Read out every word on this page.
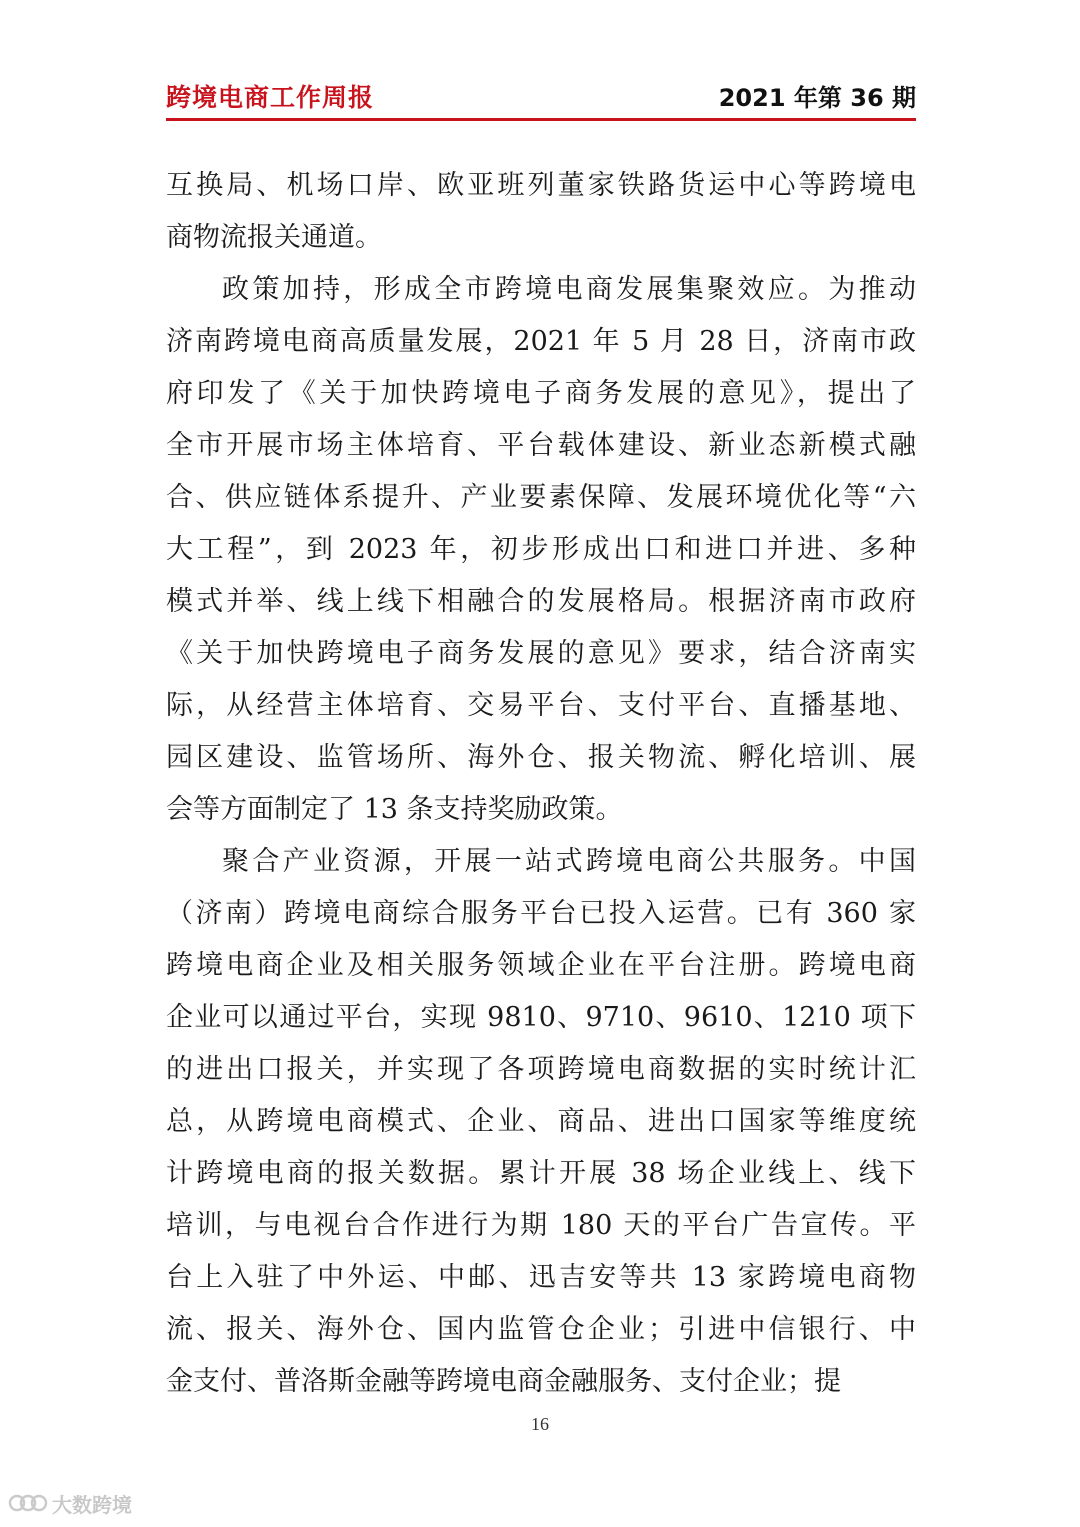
跨境电商工作周报	2021 年第 36 期
互换局、机场口岸、欧亚班列董家铁路货运中心等跨境电
商物流报关通道。
政策加持，形成全市跨境电商发展集聚效应。为推动
济南跨境电商高质量发展，2021 年 5 月 28 日，济南市政
府印发了《关于加快跨境电子商务发展的意见》，提出了
全市开展市场主体培育、平台载体建设、新业态新模式融
合、供应链体系提升、产业要素保障、发展环境优化等“六
大工程”，到 2023 年，初步形成出口和进口并进、多种
模式并举、线上线下相融合的发展格局。根据济南市政府
《关于加快跨境电子商务发展的意见》要求，结合济南实
际，从经营主体培育、交易平台、支付平台、直播基地、
园区建设、监管场所、海外仓、报关物流、孵化培训、展
会等方面制定了 13 条支持奖励政策。
聚合产业资源，开展一站式跨境电商公共服务。中国
（济南）跨境电商综合服务平台已投入运营。已有 360 家
跨境电商企业及相关服务领域企业在平台注册。跨境电商
企业可以通过平台，实现 9810、9710、9610、1210 项下
的进出口报关，并实现了各项跨境电商数据的实时统计汇
总，从跨境电商模式、企业、商品、进出口国家等维度统
计跨境电商的报关数据。累计开展 38 场企业线上、线下
培训，与电视台合作进行为期 180 天的平台广告宣传。平
台上入驻了中外运、中邮、迅吉安等共 13 家跨境电商物
流、报关、海外仓、国内监管仓企业；引进中信银行、中
金支付、普洛斯金融等跨境电商金融服务、支付企业；提
16
大数跨境
